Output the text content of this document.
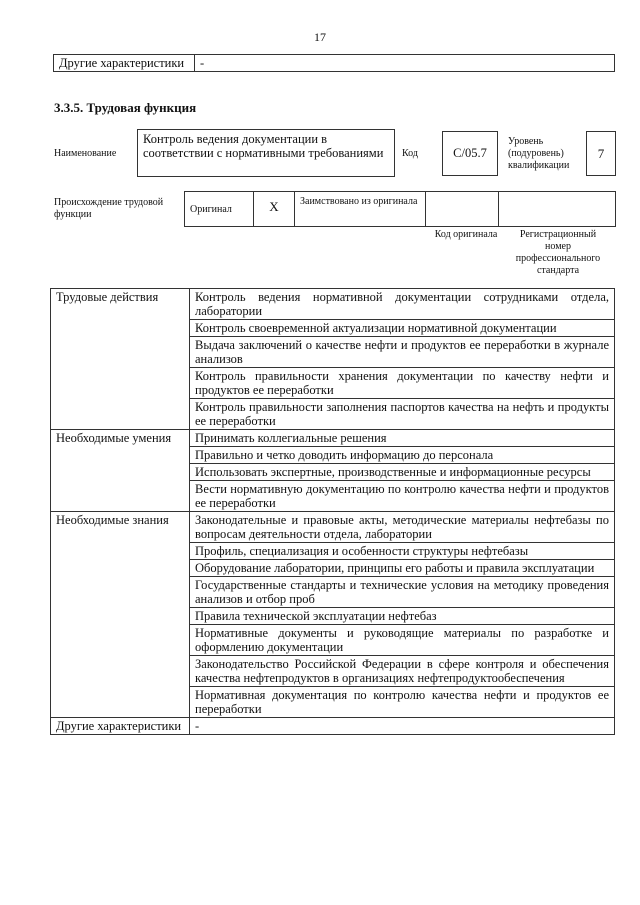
17
Другие характеристики	-
3.3.5. Трудовая функция
Наименование
Контроль ведения документации в соответствии с нормативными требованиями	Код	С/05.7
Уровень (подуровень) квалификации
7
Происхождение трудовой функции	Оригинал	X	Заимствовано из оригинала		
Код оригинала	Регистрационный номер профессионального стандарта
Трудовые действия	Контроль ведения нормативной документации сотрудниками отдела, лаборатории
	Контроль своевременной актуализации нормативной документации
	Выдача заключений о качестве нефти и продуктов ее переработки в журнале анализов
	Контроль правильности хранения документации по качеству нефти и продуктов ее переработки
	Контроль правильности заполнения паспортов качества на нефть и продукты ее переработки
Необходимые умения	Принимать коллегиальные решения
	Правильно и четко доводить информацию до персонала
	Использовать экспертные, производственные и информационные ресурсы
	Вести нормативную документацию по контролю качества нефти и продуктов ее переработки
Необходимые знания	Законодательные и правовые акты, методические материалы нефтебазы по вопросам деятельности отдела, лаборатории
	Профиль, специализация и особенности структуры нефтебазы
	Оборудование лаборатории, принципы его работы и правила эксплуатации
	Государственные стандарты и технические условия на методику проведения анализов и отбор проб
	Правила технической эксплуатации нефтебаз
	Нормативные документы и руководящие материалы по разработке и оформлению документации
	Законодательство Российской Федерации в сфере контроля и обеспечения качества нефтепродуктов в организациях нефтепродуктообеспечения
	Нормативная документация по контролю качества нефти и продуктов ее переработки
Другие характеристики	-
